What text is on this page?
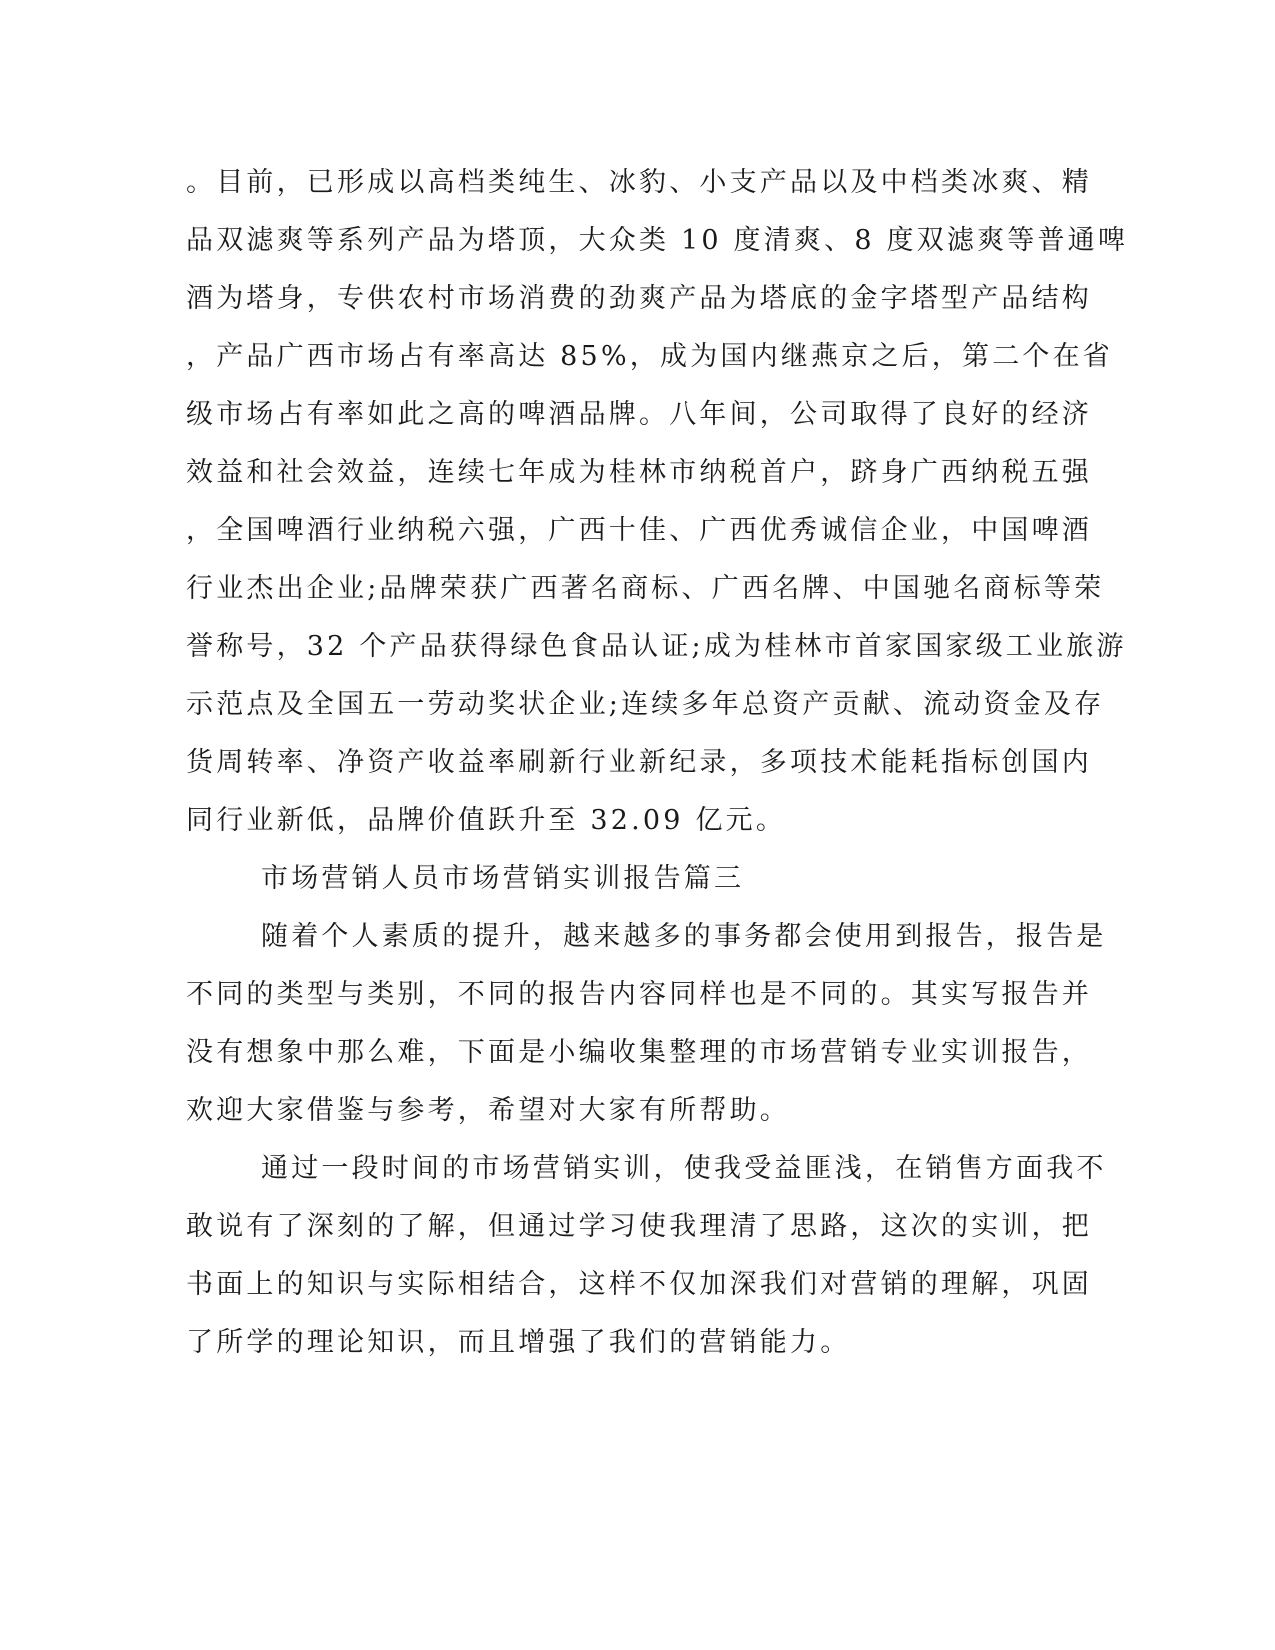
。目前，已形成以高档类纯生、冰豹、小支产品以及中档类冰爽、精
品双滤爽等系列产品为塔顶，大众类 10 度清爽、8 度双滤爽等普通啤
酒为塔身，专供农村市场消费的劲爽产品为塔底的金字塔型产品结构
，产品广西市场占有率高达 85%，成为国内继燕京之后，第二个在省
级市场占有率如此之高的啤酒品牌。八年间，公司取得了良好的经济
效益和社会效益，连续七年成为桂林市纳税首户，跻身广西纳税五强
，全国啤酒行业纳税六强，广西十佳、广西优秀诚信企业，中国啤酒
行业杰出企业;品牌荣获广西著名商标、广西名牌、中国驰名商标等荣
誉称号，32 个产品获得绿色食品认证;成为桂林市首家国家级工业旅游
示范点及全国五一劳动奖状企业;连续多年总资产贡献、流动资金及存
货周转率、净资产收益率刷新行业新纪录，多项技术能耗指标创国内
同行业新低，品牌价值跃升至 32.09 亿元。
市场营销人员市场营销实训报告篇三
随着个人素质的提升，越来越多的事务都会使用到报告，报告是
不同的类型与类别，不同的报告内容同样也是不同的。其实写报告并
没有想象中那么难，下面是小编收集整理的市场营销专业实训报告，
欢迎大家借鉴与参考，希望对大家有所帮助。
通过一段时间的市场营销实训，使我受益匪浅，在销售方面我不
敢说有了深刻的了解，但通过学习使我理清了思路，这次的实训，把
书面上的知识与实际相结合，这样不仅加深我们对营销的理解，巩固
了所学的理论知识，而且增强了我们的营销能力。
